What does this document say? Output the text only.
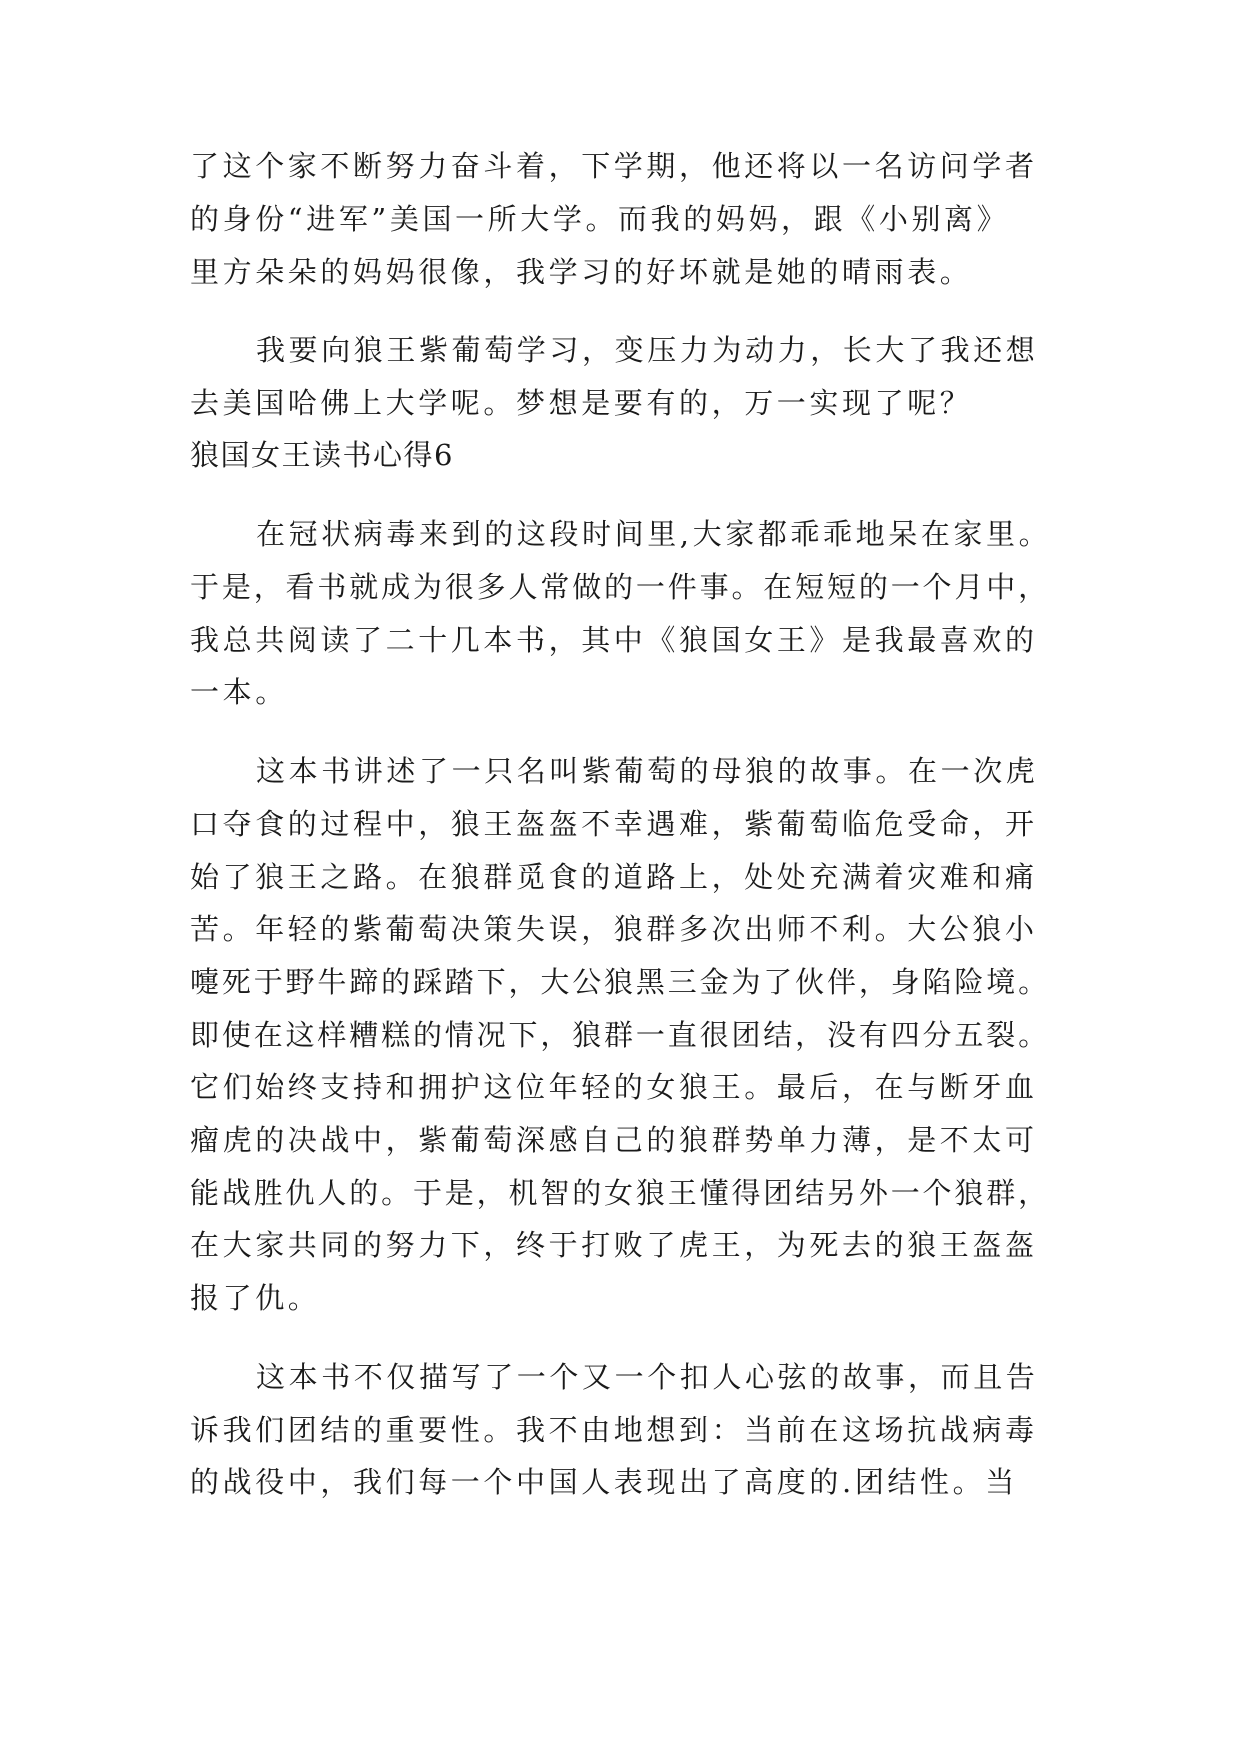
了这个家不断努力奋斗着，下学期，他还将以一名访问学者
的身份“进军”美国一所大学。而我的妈妈，跟《小别离》
里方朵朵的妈妈很像，我学习的好坏就是她的晴雨表。
我要向狼王紫葡萄学习，变压力为动力，长大了我还想
去美国哈佛上大学呢。梦想是要有的，万一实现了呢？
狼国女王读书心得6
在冠状病毒来到的这段时间里,大家都乖乖地呆在家里。
于是，看书就成为很多人常做的一件事。在短短的一个月中，
我总共阅读了二十几本书，其中《狼国女王》是我最喜欢的
一本。
这本书讲述了一只名叫紫葡萄的母狼的故事。在一次虎
口夺食的过程中，狼王盔盔不幸遇难，紫葡萄临危受命，开
始了狼王之路。在狼群觅食的道路上，处处充满着灾难和痛
苦。年轻的紫葡萄决策失误，狼群多次出师不利。大公狼小
嚏死于野牛蹄的踩踏下，大公狼黑三金为了伙伴，身陷险境。
即使在这样糟糕的情况下，狼群一直很团结，没有四分五裂。
它们始终支持和拥护这位年轻的女狼王。最后，在与断牙血
瘤虎的决战中，紫葡萄深感自己的狼群势单力薄，是不太可
能战胜仇人的。于是，机智的女狼王懂得团结另外一个狼群，
在大家共同的努力下，终于打败了虎王，为死去的狼王盔盔
报了仇。
这本书不仅描写了一个又一个扣人心弦的故事，而且告
诉我们团结的重要性。我不由地想到：当前在这场抗战病毒
的战役中，我们每一个中国人表现出了高度的.团结性。当
